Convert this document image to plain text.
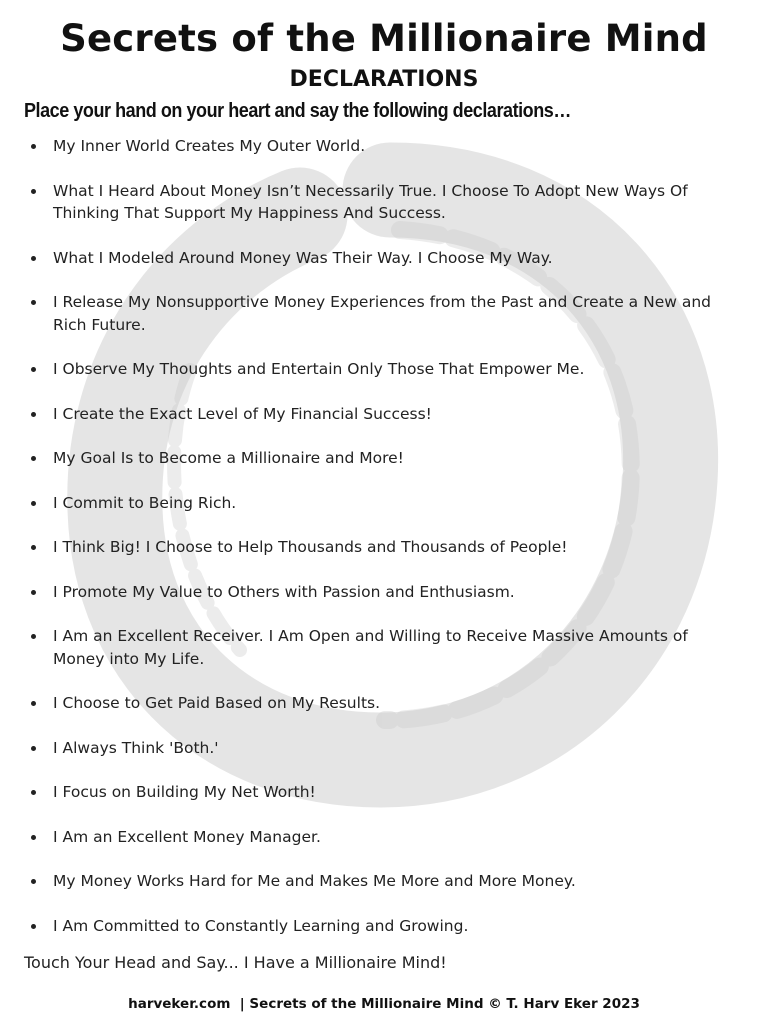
Secrets of the Millionaire Mind
DECLARATIONS
Place your hand on your heart and say the following declarations…
My Inner World Creates My Outer World.
What I Heard About Money Isn’t Necessarily True. I Choose To Adopt New Ways Of Thinking That Support My Happiness And Success.
What I Modeled Around Money Was Their Way. I Choose My Way.
I Release My Nonsupportive Money Experiences from the Past and Create a New and Rich Future.
I Observe My Thoughts and Entertain Only Those That Empower Me.
I Create the Exact Level of My Financial Success!
My Goal Is to Become a Millionaire and More!
I Commit to Being Rich.
I Think Big! I Choose to Help Thousands and Thousands of People!
I Promote My Value to Others with Passion and Enthusiasm.
I Am an Excellent Receiver. I Am Open and Willing to Receive Massive Amounts of Money into My Life.
I Choose to Get Paid Based on My Results.
I Always Think 'Both.'
I Focus on Building My Net Worth!
I Am an Excellent Money Manager.
My Money Works Hard for Me and Makes Me More and More Money.
I Am Committed to Constantly Learning and Growing.
Touch Your Head and Say... I Have a Millionaire Mind!
harveker.com  | Secrets of the Millionaire Mind © T. Harv Eker 2023
